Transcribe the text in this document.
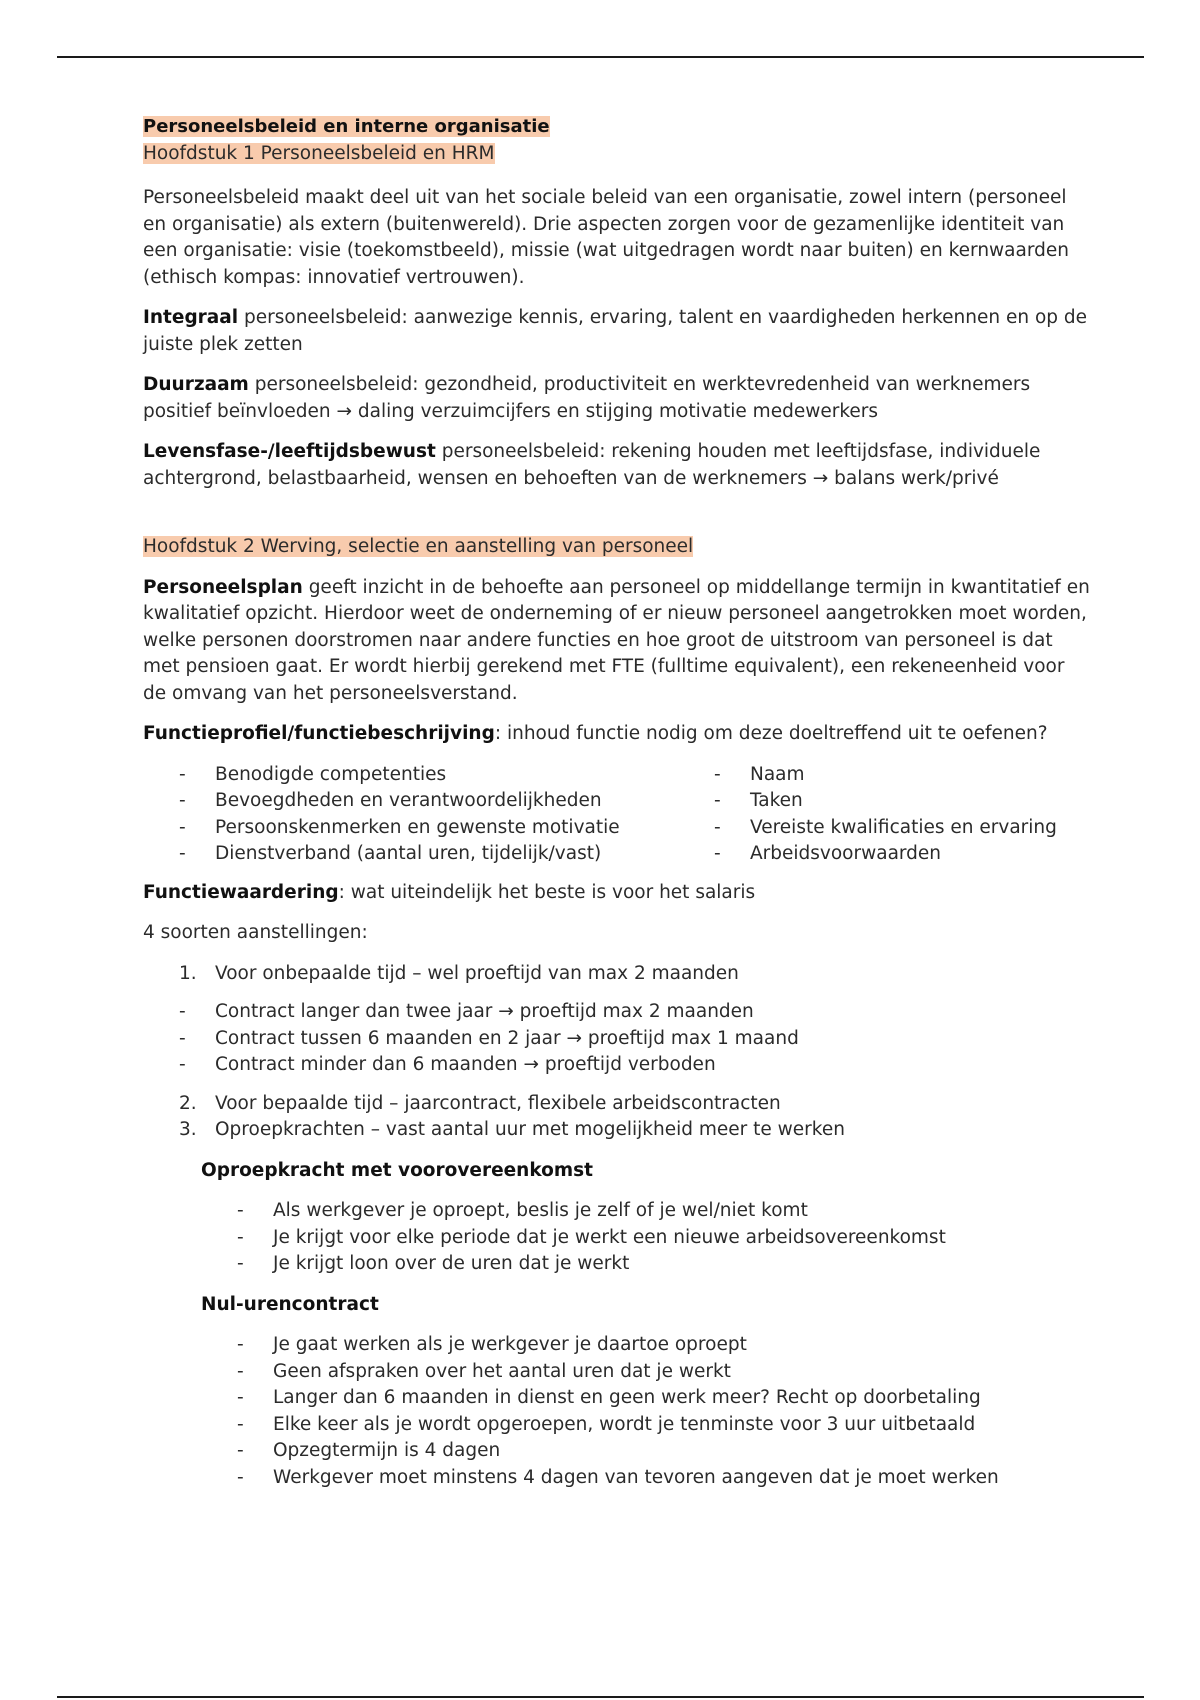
Personeelsbeleid en interne organisatie

Hoofdstuk 1 Personeelsbeleid en HRM

Personeelsbeleid maakt deel uit van het sociale beleid van een organisatie, zowel intern (personeel en organisatie) als extern (buitenwereld). Drie aspecten zorgen voor de gezamenlijke identiteit van een organisatie: visie (toekomstbeeld), missie (wat uitgedragen wordt naar buiten) en kernwaarden (ethisch kompas: innovatief vertrouwen).

Integraal personeelsbeleid: aanwezige kennis, ervaring, talent en vaardigheden herkennen en op de juiste plek zetten

Duurzaam personeelsbeleid: gezondheid, productiviteit en werktevredenheid van werknemers positief beïnvloeden → daling verzuimcijfers en stijging motivatie medewerkers

Levensfase-/leeftijdsbewust personeelsbeleid: rekening houden met leeftijdsfase, individuele achtergrond, belastbaarheid, wensen en behoeften van de werknemers → balans werk/privé

Hoofdstuk 2 Werving, selectie en aanstelling van personeel

Personeelsplan geeft inzicht in de behoefte aan personeel op middellange termijn in kwantitatief en kwalitatief opzicht. Hierdoor weet de onderneming of er nieuw personeel aangetrokken moet worden, welke personen doorstromen naar andere functies en hoe groot de uitstroom van personeel is dat met pensioen gaat. Er wordt hierbij gerekend met FTE (fulltime equivalent), een rekeneenheid voor de omvang van het personeelsverstand.

Functieprofiel/functiebeschrijving: inhoud functie nodig om deze doeltreffend uit te oefenen?

- Benodigde competenties
- Bevoegdheden en verantwoordelijkheden
- Persoonskenmerken en gewenste motivatie
- Dienstverband (aantal uren, tijdelijk/vast)
- Naam
- Taken
- Vereiste kwalificaties en ervaring
- Arbeidsvoorwaarden

Functiewaardering: wat uiteindelijk het beste is voor het salaris

4 soorten aanstellingen:

1. Voor onbepaalde tijd – wel proeftijd van max 2 maanden
- Contract langer dan twee jaar → proeftijd max 2 maanden
- Contract tussen 6 maanden en 2 jaar → proeftijd max 1 maand
- Contract minder dan 6 maanden → proeftijd verboden
2. Voor bepaalde tijd – jaarcontract, flexibele arbeidscontracten
3. Oproepkrachten – vast aantal uur met mogelijkheid meer te werken

Oproepkracht met voorovereenkomst

- Als werkgever je oproept, beslis je zelf of je wel/niet komt
- Je krijgt voor elke periode dat je werkt een nieuwe arbeidsovereenkomst
- Je krijgt loon over de uren dat je werkt

Nul-urencontract

- Je gaat werken als je werkgever je daartoe oproept
- Geen afspraken over het aantal uren dat je werkt
- Langer dan 6 maanden in dienst en geen werk meer? Recht op doorbetaling
- Elke keer als je wordt opgeroepen, wordt je tenminste voor 3 uur uitbetaald
- Opzegtermijn is 4 dagen
- Werkgever moet minstens 4 dagen van tevoren aangeven dat je moet werken
